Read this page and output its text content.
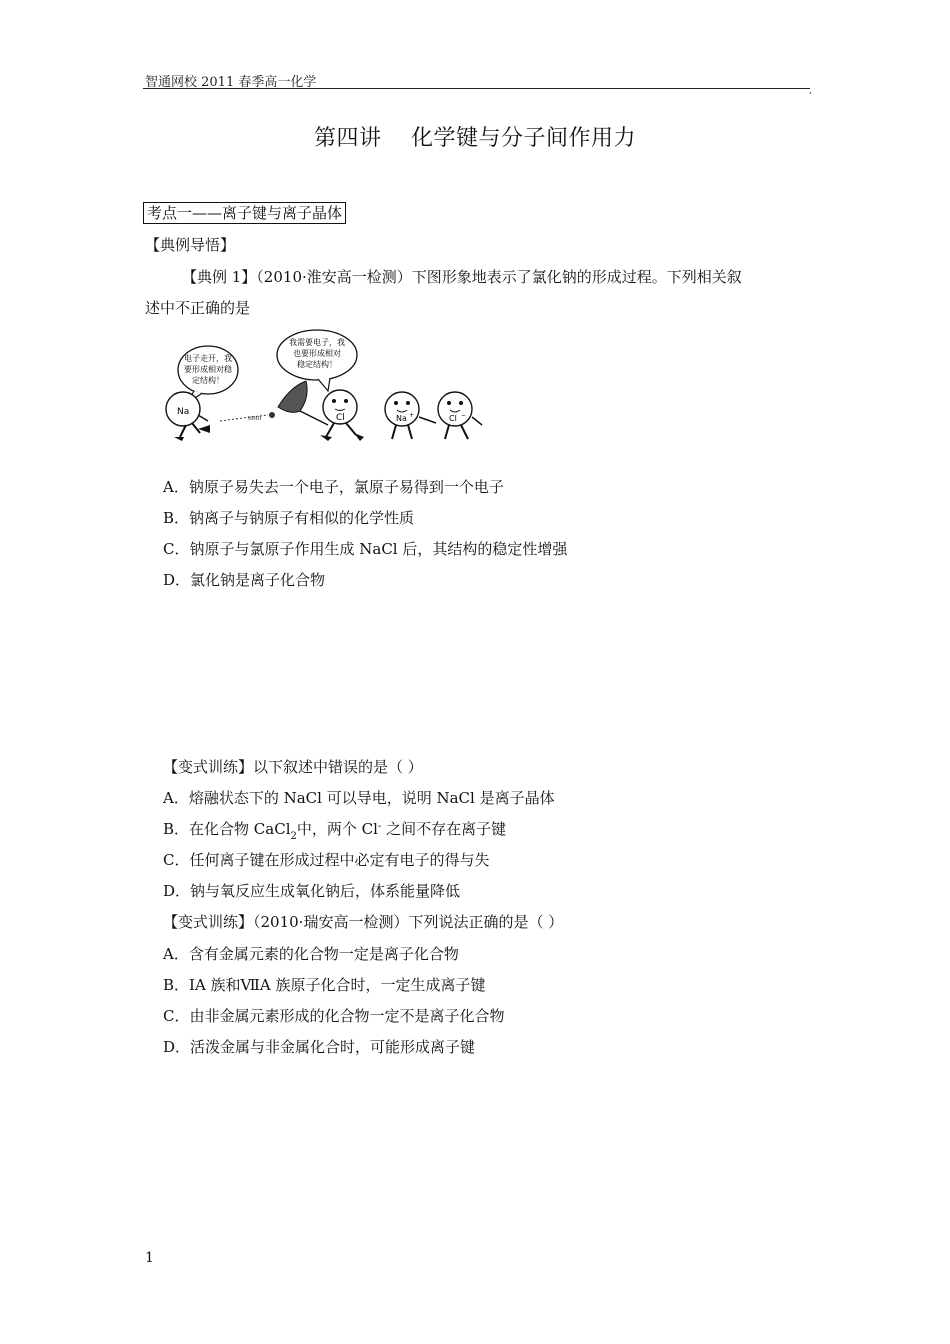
智通网校 2011 春季高一化学
,
第四讲 化学键与分子间作用力
考点一——离子键与离子晶体
【典例导悟】
【典例 1】（2010·淮安高一检测）下图形象地表示了氯化钠的形成过程。下列相关叙
述中不正确的是
电子走开，我
要形成相对稳
定结构！
我需要电子，我
也要形成相对
稳定结构！
Na
ııııııı	Cl	Na +	Cl −
A．钠原子易失去一个电子，氯原子易得到一个电子
B．钠离子与钠原子有相似的化学性质
C．钠原子与氯原子作用生成 NaCl 后，其结构的稳定性增强
D．氯化钠是离子化合物
【变式训练】以下叙述中错误的是（ ）
A．熔融状态下的 NaCl 可以导电，说明 NaCl 是离子晶体
B．在化合物 CaCl$_2$中，两个 Cl- 之间不存在离子键
C．任何离子键在形成过程中必定有电子的得与失
D．钠与氧反应生成氧化钠后，体系能量降低
【变式训练】（2010·瑞安高一检测）下列说法正确的是（ ）
A．含有金属元素的化合物一定是离子化合物
B．ⅠA 族和ⅦA 族原子化合时，一定生成离子键
C．由非金属元素形成的化合物一定不是离子化合物
D．活泼金属与非金属化合时，可能形成离子键
1
